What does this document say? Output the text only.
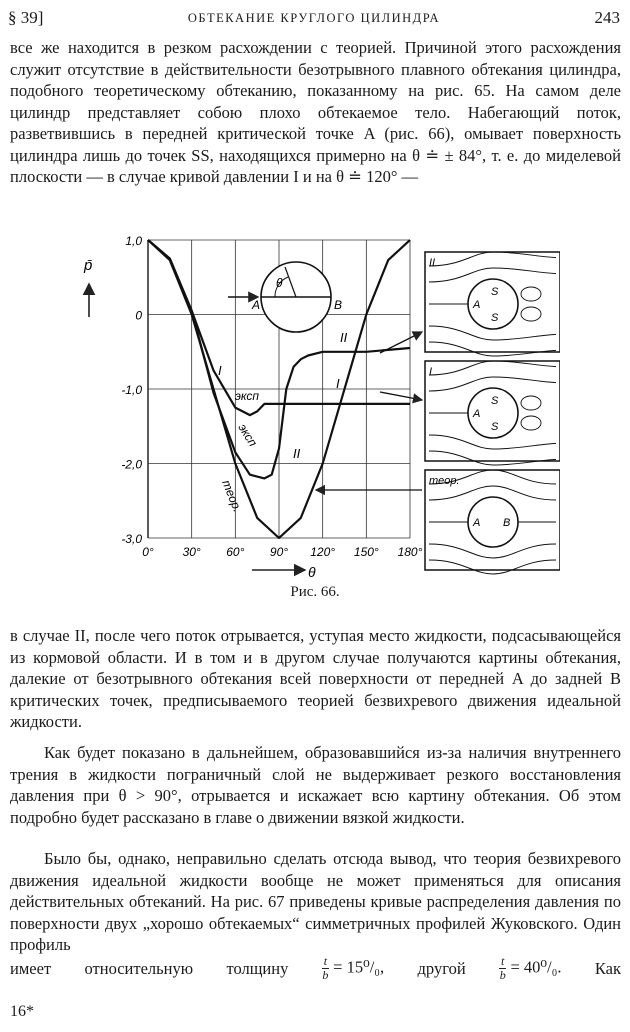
§ 39]	ОБТЕКАНИЕ КРУГЛОГО ЦИЛИНДРА	243

все же находится в резком расхождении с теорией. Причиной этого расхождения служит отсутствие в действительности безотрывного плавного обтекания цилиндра, подобного теоретическому обтеканию, показанному на рис. 65. На самом деле цилиндр представляет собою плохо обтекаемое тело. Набегающий поток, разветвившись в передней критической точке A (рис. 66), омывает поверхность цилиндра лишь до точек SS, находящихся примерно на θ ≐ ± 84°, т. е. до миделевой плоскости — в случае кривой давлении I и на θ ≐ 120° —

1,0
0
-1,0
-2,0
-3,0
0° 30° 60° 90° 120° 150° 180°
p̄
θ
θ
A	B
II
I
I
эксп
эксп
II
теор.
II
A
S
S
I
A
S
S
теор.
A B
Рис. 66.

в случае II, после чего поток отрывается, уступая место жидкости, подсасывающейся из кормовой области. И в том и в другом случае получаются картины обтекания, далекие от безотрывного обтекания всей поверхности от передней A до задней B критических точек, предписываемого теорией безвихревого движения идеальной жидкости.

Как будет показано в дальнейшем, образовавшийся из-за наличия внутреннего трения в жидкости пограничный слой не выдерживает резкого восстановления давления при θ > 90°, отрывается и искажает всю картину обтекания. Об этом подробно будет рассказано в главе о движении вязкой жидкости.

Было бы, однако, неправильно сделать отсюда вывод, что теория безвихревого движения идеальной жидкости вообще не может применяться для описания действительных обтеканий. На рис. 67 приведены кривые распределения давления по поверхности двух „хорошо обтекаемых“ симметричных профилей Жуковского. Один профиль

имеет относительную толщину	$\frac{t}{b} = 15^0/_0$, другой	$\frac{t}{b} = 40^0/_0$. Как
16*
